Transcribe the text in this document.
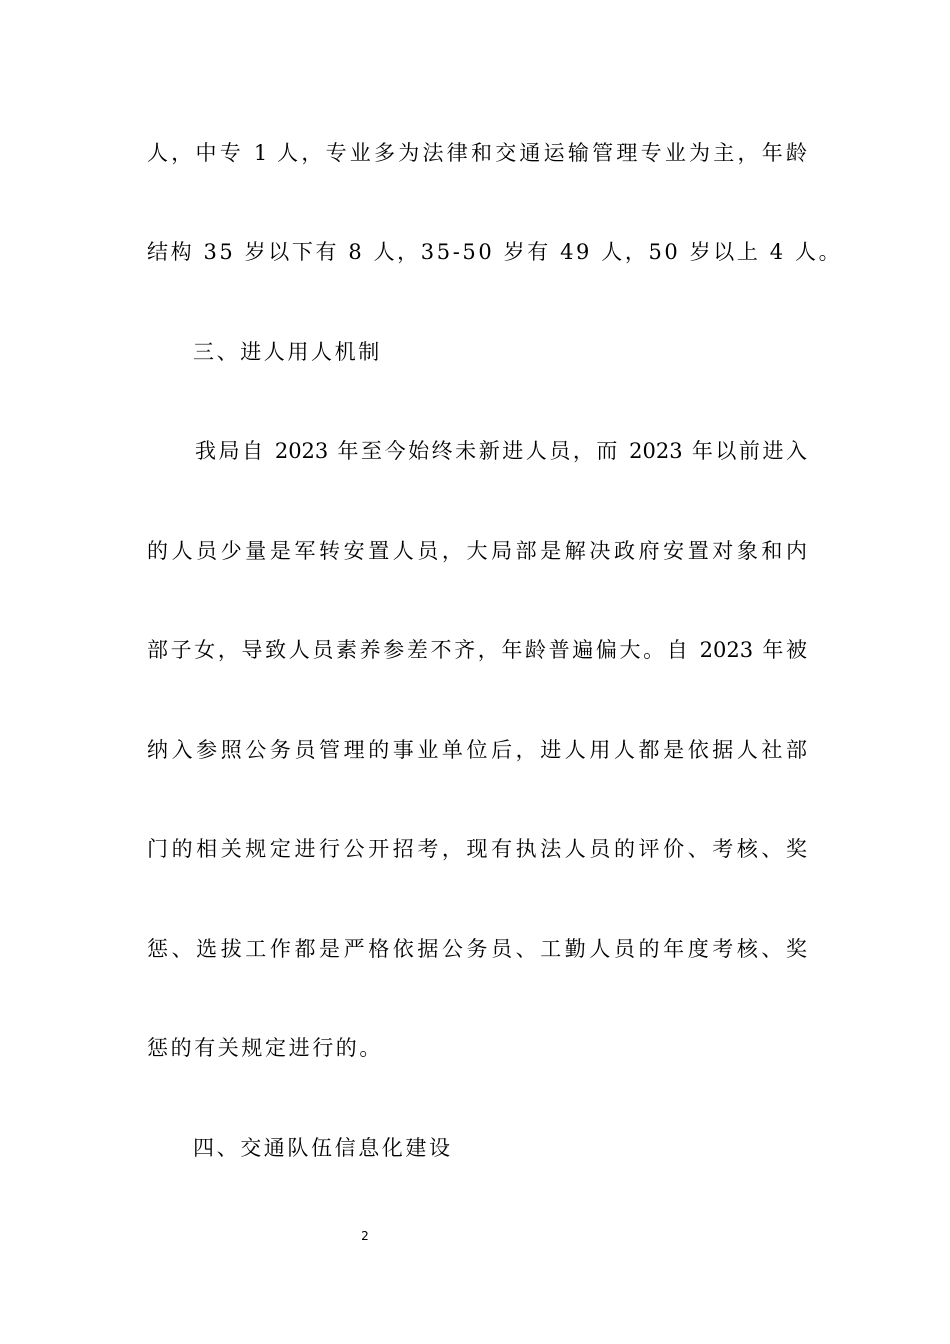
人，中专 1 人，专业多为法律和交通运输管理专业为主，年龄
结构 35 岁以下有 8 人，35-50 岁有 49 人，50 岁以上 4 人。
三、进人用人机制
我局自 2023 年至今始终未新进人员，而 2023 年以前进入
的人员少量是军转安置人员，大局部是解决政府安置对象和内
部子女，导致人员素养参差不齐，年龄普遍偏大。自 2023 年被
纳入参照公务员管理的事业单位后，进人用人都是依据人社部
门的相关规定进行公开招考，现有执法人员的评价、考核、奖
惩、选拔工作都是严格依据公务员、工勤人员的年度考核、奖
惩的有关规定进行的。
四、交通队伍信息化建设
2
